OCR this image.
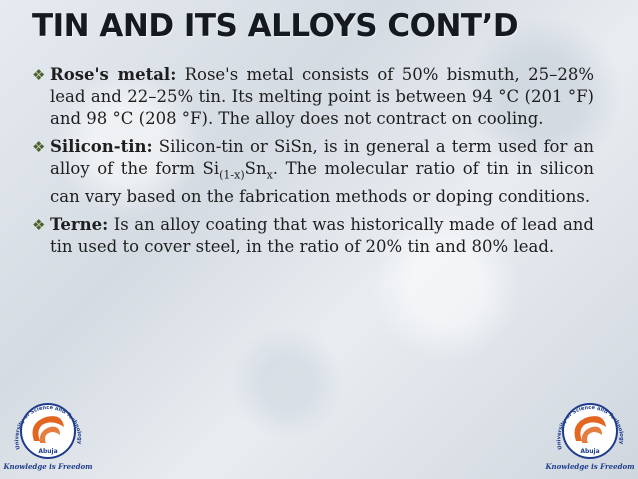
TIN AND ITS ALLOYS CONT’D
❖ Rose's metal: Rose's metal consists of 50% bismuth, 25–28% lead and 22–25% tin. Its melting point is between 94 °C (201 °F) and 98 °C (208 °F). The alloy does not contract on cooling.
❖ Silicon-tin: Silicon-tin or SiSn, is in general a term used for an alloy of the form $Si_{(1-x)}Sn_x$. The molecular ratio of tin in silicon can vary based on the fabrication methods or doping conditions.
❖ Terne: Is an alloy coating that was historically made of lead and tin used to cover steel, in the ratio of 20% tin and 80% lead.
University of Science and Technology
Abuja
Knowledge is Freedom
University of Science and Technology
Abuja
Knowledge is Freedom
